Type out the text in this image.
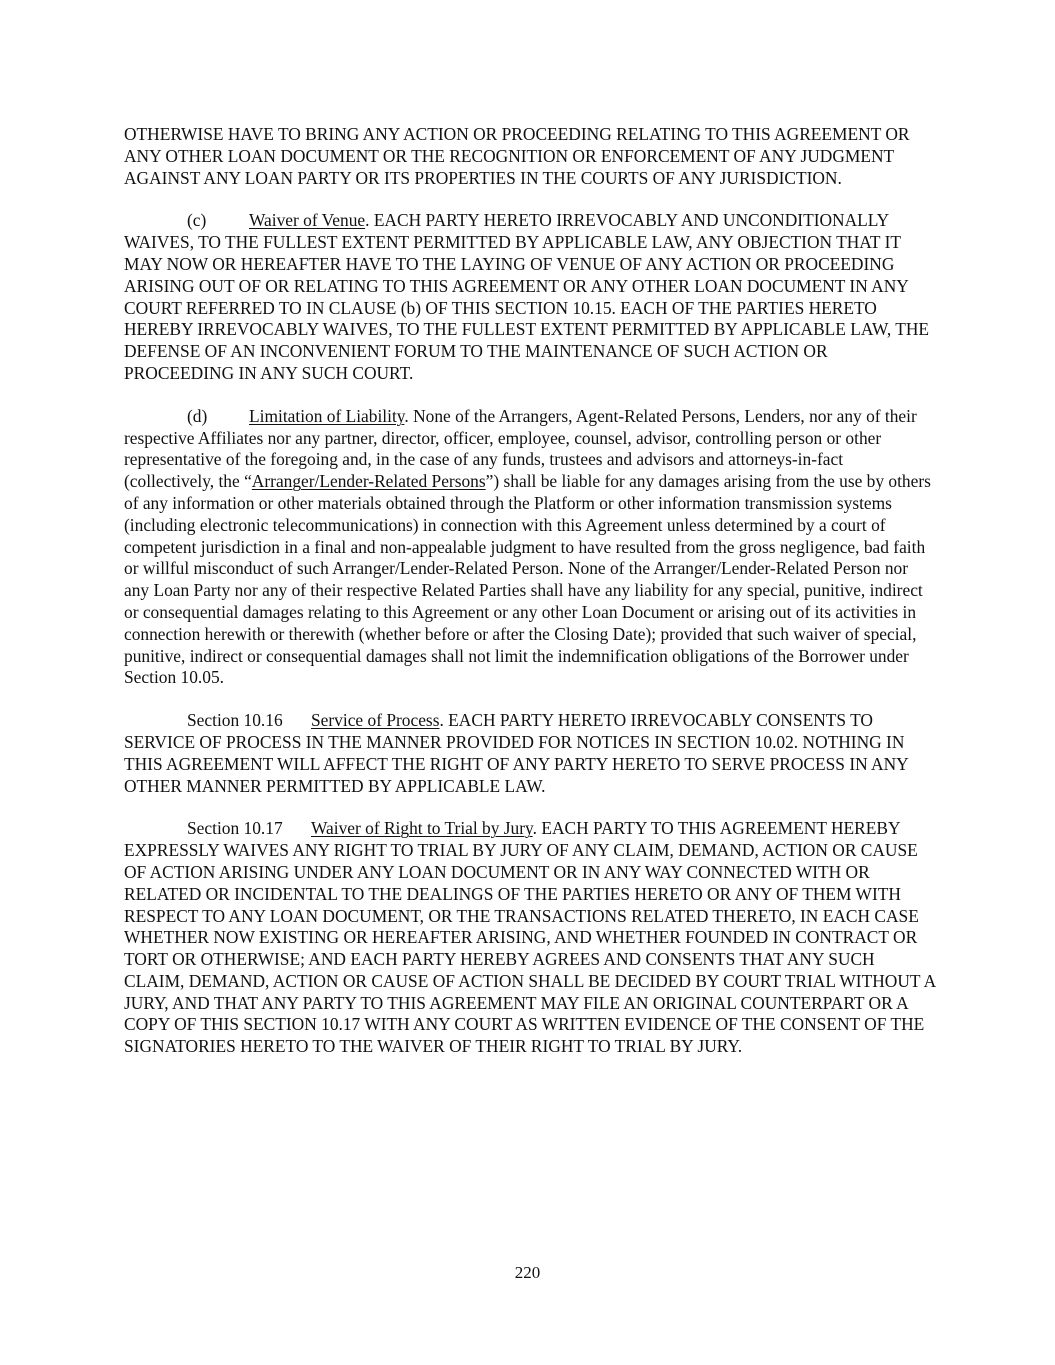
OTHERWISE HAVE TO BRING ANY ACTION OR PROCEEDING RELATING TO THIS AGREEMENT OR ANY OTHER LOAN DOCUMENT OR THE RECOGNITION OR ENFORCEMENT OF ANY JUDGMENT AGAINST ANY LOAN PARTY OR ITS PROPERTIES IN THE COURTS OF ANY JURISDICTION.

(c) Waiver of Venue. EACH PARTY HERETO IRREVOCABLY AND UNCONDITIONALLY WAIVES, TO THE FULLEST EXTENT PERMITTED BY APPLICABLE LAW, ANY OBJECTION THAT IT MAY NOW OR HEREAFTER HAVE TO THE LAYING OF VENUE OF ANY ACTION OR PROCEEDING ARISING OUT OF OR RELATING TO THIS AGREEMENT OR ANY OTHER LOAN DOCUMENT IN ANY COURT REFERRED TO IN CLAUSE (b) OF THIS SECTION 10.15. EACH OF THE PARTIES HERETO HEREBY IRREVOCABLY WAIVES, TO THE FULLEST EXTENT PERMITTED BY APPLICABLE LAW, THE DEFENSE OF AN INCONVENIENT FORUM TO THE MAINTENANCE OF SUCH ACTION OR PROCEEDING IN ANY SUCH COURT.

(d) Limitation of Liability. None of the Arrangers, Agent-Related Persons, Lenders, nor any of their respective Affiliates nor any partner, director, officer, employee, counsel, advisor, controlling person or other representative of the foregoing and, in the case of any funds, trustees and advisors and attorneys-in-fact (collectively, the “Arranger/Lender-Related Persons”) shall be liable for any damages arising from the use by others of any information or other materials obtained through the Platform or other information transmission systems (including electronic telecommunications) in connection with this Agreement unless determined by a court of competent jurisdiction in a final and non-appealable judgment to have resulted from the gross negligence, bad faith or willful misconduct of such Arranger/Lender-Related Person. None of the Arranger/Lender-Related Person nor any Loan Party nor any of their respective Related Parties shall have any liability for any special, punitive, indirect or consequential damages relating to this Agreement or any other Loan Document or arising out of its activities in connection herewith or therewith (whether before or after the Closing Date); provided that such waiver of special, punitive, indirect or consequential damages shall not limit the indemnification obligations of the Borrower under Section 10.05.

Section 10.16 Service of Process. EACH PARTY HERETO IRREVOCABLY CONSENTS TO SERVICE OF PROCESS IN THE MANNER PROVIDED FOR NOTICES IN SECTION 10.02. NOTHING IN THIS AGREEMENT WILL AFFECT THE RIGHT OF ANY PARTY HERETO TO SERVE PROCESS IN ANY OTHER MANNER PERMITTED BY APPLICABLE LAW.

Section 10.17 Waiver of Right to Trial by Jury. EACH PARTY TO THIS AGREEMENT HEREBY EXPRESSLY WAIVES ANY RIGHT TO TRIAL BY JURY OF ANY CLAIM, DEMAND, ACTION OR CAUSE OF ACTION ARISING UNDER ANY LOAN DOCUMENT OR IN ANY WAY CONNECTED WITH OR RELATED OR INCIDENTAL TO THE DEALINGS OF THE PARTIES HERETO OR ANY OF THEM WITH RESPECT TO ANY LOAN DOCUMENT, OR THE TRANSACTIONS RELATED THERETO, IN EACH CASE WHETHER NOW EXISTING OR HEREAFTER ARISING, AND WHETHER FOUNDED IN CONTRACT OR TORT OR OTHERWISE; AND EACH PARTY HEREBY AGREES AND CONSENTS THAT ANY SUCH CLAIM, DEMAND, ACTION OR CAUSE OF ACTION SHALL BE DECIDED BY COURT TRIAL WITHOUT A JURY, AND THAT ANY PARTY TO THIS AGREEMENT MAY FILE AN ORIGINAL COUNTERPART OR A COPY OF THIS SECTION 10.17 WITH ANY COURT AS WRITTEN EVIDENCE OF THE CONSENT OF THE SIGNATORIES HERETO TO THE WAIVER OF THEIR RIGHT TO TRIAL BY JURY.

220
